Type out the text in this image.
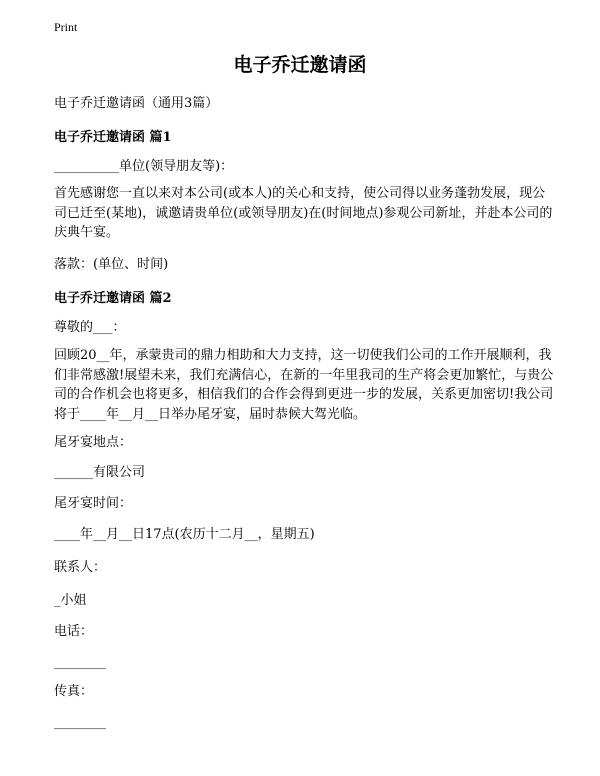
Print
电子乔迁邀请函
电子乔迁邀请函（通用3篇）
电子乔迁邀请函 篇1
__________单位(领导朋友等)：
首先感谢您一直以来对本公司(或本人)的关心和支持，使公司得以业务蓬勃发展，现公司已迁至(某地)，诚邀请贵单位(或领导朋友)在(时间地点)参观公司新址，并赴本公司的庆典午宴。
落款：(单位、时间)
电子乔迁邀请函 篇2
尊敬的___：
回顾20__年，承蒙贵司的鼎力相助和大力支持，这一切使我们公司的工作开展顺利，我们非常感激!展望未来，我们充满信心，在新的一年里我司的生产将会更加繁忙，与贵公司的合作机会也将更多，相信我们的合作会得到更进一步的发展，关系更加密切!我公司将于____年__月__日举办尾牙宴，届时恭候大驾光临。
尾牙宴地点：
______有限公司
尾牙宴时间：
____年__月__日17点(农历十二月__，星期五)
联系人：
_小姐
电话：
________
传真：
________
